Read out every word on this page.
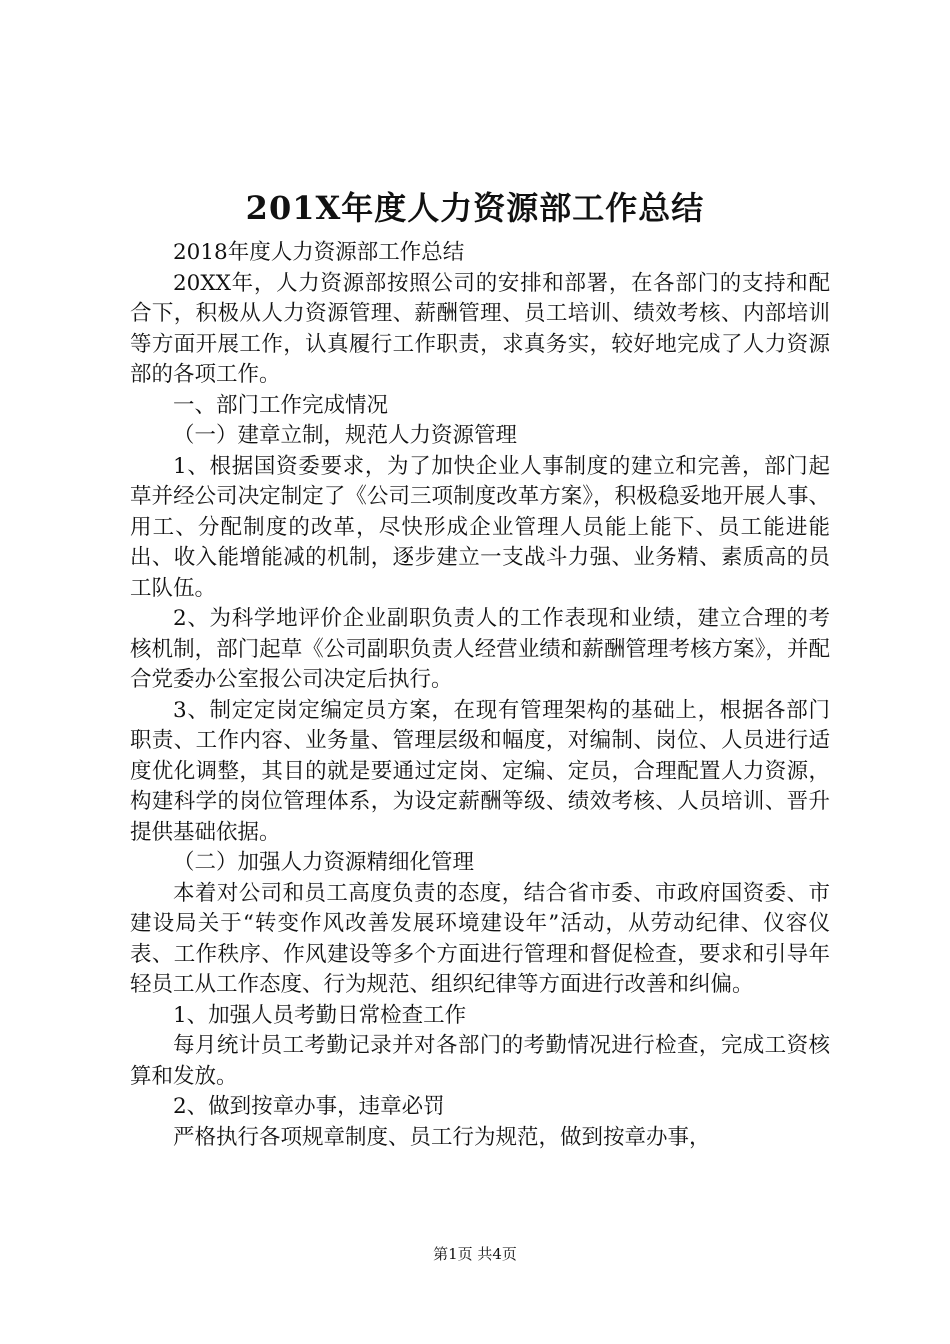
201X年度人力资源部工作总结

2018年度人力资源部工作总结

20XX年，人力资源部按照公司的安排和部署，在各部门的支持和配合下，积极从人力资源管理、薪酬管理、员工培训、绩效考核、内部培训等方面开展工作，认真履行工作职责，求真务实，较好地完成了人力资源部的各项工作。

一、部门工作完成情况

（一）建章立制，规范人力资源管理

1、根据国资委要求，为了加快企业人事制度的建立和完善，部门起草并经公司决定制定了《公司三项制度改革方案》，积极稳妥地开展人事、用工、分配制度的改革，尽快形成企业管理人员能上能下、员工能进能出、收入能增能减的机制，逐步建立一支战斗力强、业务精、素质高的员工队伍。

2、为科学地评价企业副职负责人的工作表现和业绩，建立合理的考核机制，部门起草《公司副职负责人经营业绩和薪酬管理考核方案》，并配合党委办公室报公司决定后执行。

3、制定定岗定编定员方案，在现有管理架构的基础上，根据各部门职责、工作内容、业务量、管理层级和幅度，对编制、岗位、人员进行适度优化调整，其目的就是要通过定岗、定编、定员，合理配置人力资源，构建科学的岗位管理体系，为设定薪酬等级、绩效考核、人员培训、晋升提供基础依据。

（二）加强人力资源精细化管理

本着对公司和员工高度负责的态度，结合省市委、市政府国资委、市建设局关于“转变作风改善发展环境建设年”活动，从劳动纪律、仪容仪表、工作秩序、作风建设等多个方面进行管理和督促检查，要求和引导年轻员工从工作态度、行为规范、组织纪律等方面进行改善和纠偏。

1、加强人员考勤日常检查工作

每月统计员工考勤记录并对各部门的考勤情况进行检查，完成工资核算和发放。

2、做到按章办事，违章必罚

严格执行各项规章制度、员工行为规范，做到按章办事，

第1页 共4页
